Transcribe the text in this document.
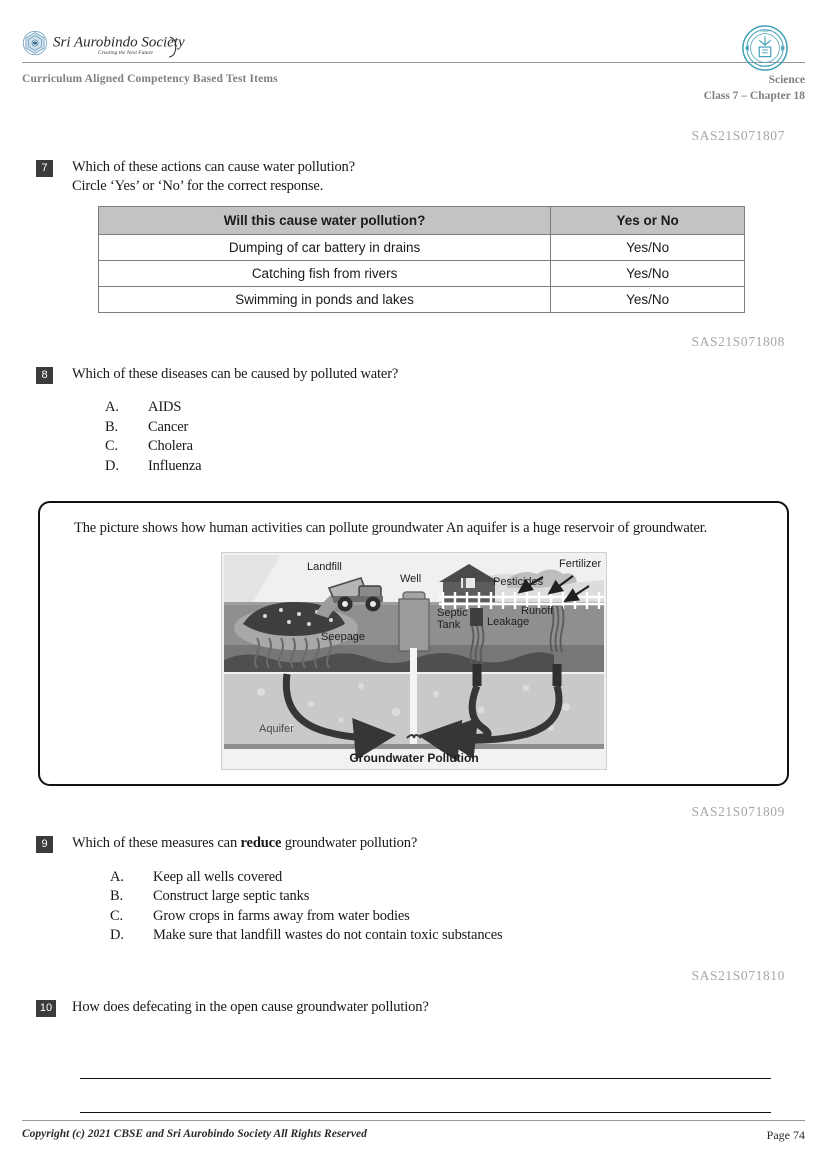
Sri Aurobindo Society
Creating the Next Future
CBSE
BHARAT
Curriculum Aligned Competency Based Test Items	Science
Class 7 – Chapter 18
SAS21S071807
7	Which of these actions can cause water pollution?
Circle ‘Yes’ or ‘No’ for the correct response.
Will this cause water pollution?	Yes or No
Dumping of car battery in drains	Yes/No
Catching fish from rivers	Yes/No
Swimming in ponds and lakes	Yes/No
SAS21S071808
8	Which of these diseases can be caused by polluted water?
A.	AIDS
B.	Cancer
C.	Cholera
D.	Influenza
The picture shows how human activities can pollute groundwater An aquifer is a huge reservoir of groundwater.
Landfill
Well	Pesticides
Fertilizer
Septic
Tank Leakage
Runoff
Seepage
Aquifer
Groundwater Pollution
SAS21S071809
9	Which of these measures can reduce groundwater pollution?
A.	Keep all wells covered
B.	Construct large septic tanks
C.	Grow crops in farms away from water bodies
D.	Make sure that landfill wastes do not contain toxic substances
SAS21S071810
10 How does defecating in the open cause groundwater pollution?
Copyright (c) 2021 CBSE and Sri Aurobindo Society All Rights Reserved	Page 74
